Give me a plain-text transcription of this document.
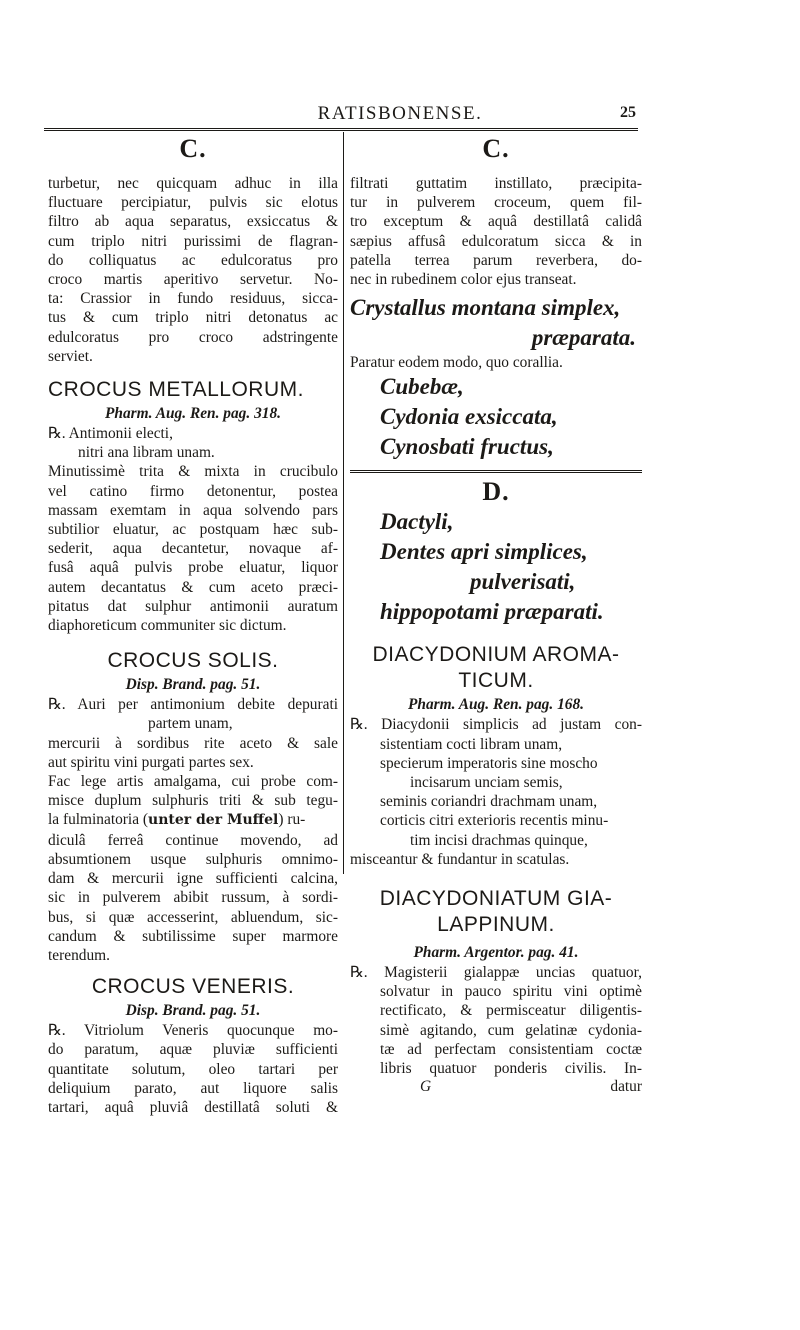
RATISBONENSE.	25
C.
turbetur, nec quicquam adhuc in illa
fluctuare percipiatur, pulvis sic elotus
filtro ab aqua separatus, exsiccatus &
cum triplo nitri purissimi de flagran-
do colliquatus ac edulcoratus pro
croco martis aperitivo servetur. No-
ta: Crassior in fundo residuus, sicca-
tus & cum triplo nitri detonatus ac
edulcoratus pro croco adstringente
serviet.
CROCUS METALLORUM.

Pharm. Aug. Ren. pag. 318.

℞. Antimonii electi,
nitri ana libram unam.
Minutissimè trita & mixta in crucibulo
vel catino firmo detonentur, postea
massam exemtam in aqua solvendo pars
subtilior eluatur, ac postquam hæc sub-
sederit, aqua decantetur, novaque af-
fusâ aquâ pulvis probe eluatur, liquor
autem decantatus & cum aceto præci-
pitatus dat sulphur antimonii auratum
diaphoreticum communiter sic dictum.
CROCUS SOLIS.

Disp. Brand. pag. 51.

℞. Auri per antimonium debite depurati
partem unam,
mercurii à sordibus rite aceto & sale
aut spiritu vini purgati partes sex.
Fac lege artis amalgama, cui probe com-
misce duplum sulphuris triti & sub tegu-
la fulminatoria (unter der Muffel) ru-
diculâ ferreâ continue movendo, ad
absumtionem usque sulphuris omnimo-
dam & mercurii igne sufficienti calcina,
sic in pulverem abibit russum, à sordi-
bus, si quæ accesserint, abluendum, sic-
candum & subtilissime super marmore
terendum.
CROCUS VENERIS.

Disp. Brand. pag. 51.

℞. Vitriolum Veneris quocunque mo-
do paratum, aquæ pluviæ sufficienti
quantitate solutum, oleo tartari per
deliquium parato, aut liquore salis
tartari, aquâ pluviâ destillatâ soluti &
C.
filtrati guttatim instillato, præcipita-
tur in pulverem croceum, quem fil-
tro exceptum & aquâ destillatâ calidâ
sæpius affusâ edulcoratum sicca & in
patella terrea parum reverbera, do-
nec in rubedinem color ejus transeat.
Crystallus montana simplex,
præparata.
Paratur eodem modo, quo corallia.
Cubebæ,
Cydonia exsiccata,
Cynosbati fructus,
D.
Dactyli,
Dentes apri simplices,
pulverisati,
hippopotami præparati.
DIACYDONIUM AROMA-
TICUM.

Pharm. Aug. Ren. pag. 168.

℞. Diacydonii simplicis ad justam con-
sistentiam cocti libram unam,
specierum imperatoris sine moscho
incisarum unciam semis,
seminis coriandri drachmam unam,
corticis citri exterioris recentis minu-
tim incisi drachmas quinque,
misceantur & fundantur in scatulas.
DIACYDONIATUM GIA-
LAPPINUM.

Pharm. Argentor. pag. 41.

℞. Magisterii gialappæ uncias quatuor,
solvatur in pauco spiritu vini optimè
rectificato, & permisceatur diligentis-
simè agitando, cum gelatinæ cydonia-
tæ ad perfectam consistentiam coctæ
libris quatuor ponderis civilis. In-
G	datur
